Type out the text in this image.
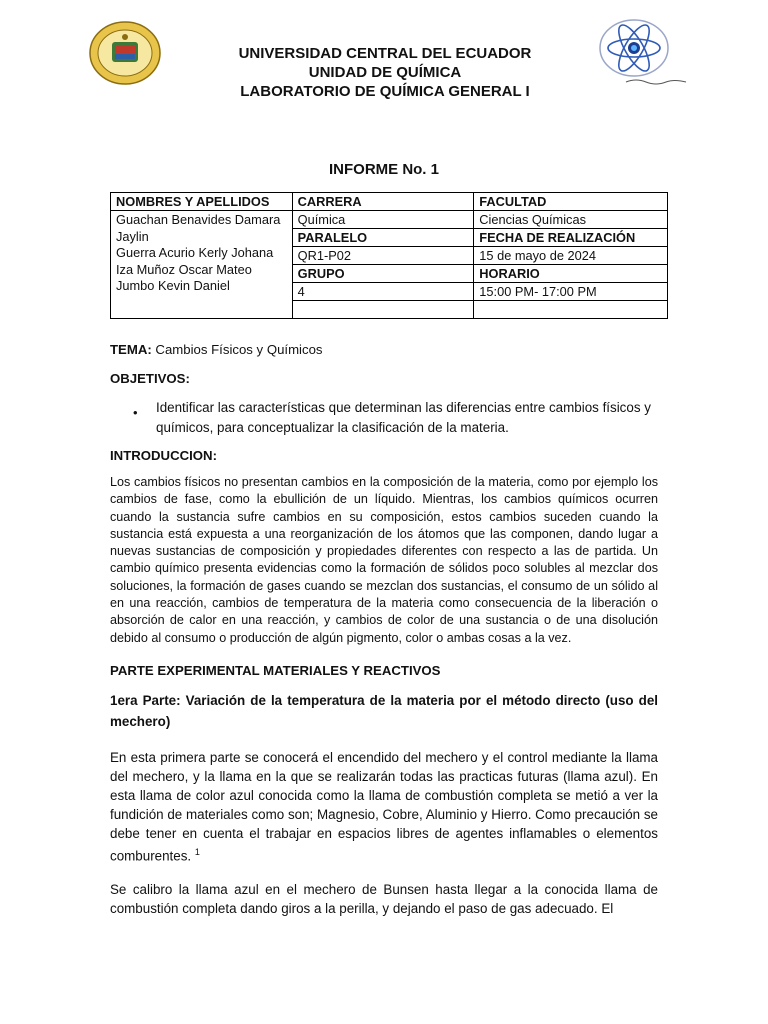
UNIVERSIDAD CENTRAL DEL ECUADOR
UNIDAD DE QUÍMICA
LABORATORIO DE QUÍMICA GENERAL I
INFORME No. 1
NOMBRES Y APELLIDOS	CARRERA	FACULTAD

Guachan Benavides Damara Jaylin
Guerra Acurio Kerly Johana
Iza Muñoz Oscar Mateo
Jumbo Kevin Daniel	Química	Ciencias Químicas
	PARALELO	FECHA DE REALIZACIÓN
	QR1-P02	15 de mayo de 2024
	GRUPO	HORARIO
	4	15:00 PM- 17:00 PM

TEMA: Cambios Físicos y Químicos
OBJETIVOS:
• Identificar las características que determinan las diferencias entre cambios físicos y químicos, para conceptualizar la clasificación de la materia.
INTRODUCCION:
Los cambios físicos no presentan cambios en la composición de la materia, como por ejemplo los cambios de fase, como la ebullición de un líquido. Mientras, los cambios químicos ocurren cuando la sustancia sufre cambios en su composición, estos cambios suceden cuando la sustancia está expuesta a una reorganización de los átomos que las componen, dando lugar a nuevas sustancias de composición y propiedades diferentes con respecto a las de partida. Un cambio químico presenta evidencias como la formación de sólidos poco solubles al mezclar dos soluciones, la formación de gases cuando se mezclan dos sustancias, el consumo de un sólido al en una reacción, cambios de temperatura de la materia como consecuencia de la liberación o absorción de calor en una reacción, y cambios de color de una sustancia o de una disolución debido al consumo o producción de algún pigmento, color o ambas cosas a la vez.
PARTE EXPERIMENTAL MATERIALES Y REACTIVOS
1era Parte: Variación de la temperatura de la materia por el método directo (uso del mechero)
En esta primera parte se conocerá el encendido del mechero y el control mediante la llama del mechero, y la llama en la que se realizarán todas las practicas futuras (llama azul). En esta llama de color azul conocida como la llama de combustión completa se metió a ver la fundición de materiales como son; Magnesio, Cobre, Aluminio y Hierro. Como precaución se debe tener en cuenta el trabajar en espacios libres de agentes inflamables o elementos comburentes. $^1$
Se calibro la llama azul en el mechero de Bunsen hasta llegar a la conocida llama de combustión completa dando giros a la perilla, y dejando el paso de gas adecuado. El
